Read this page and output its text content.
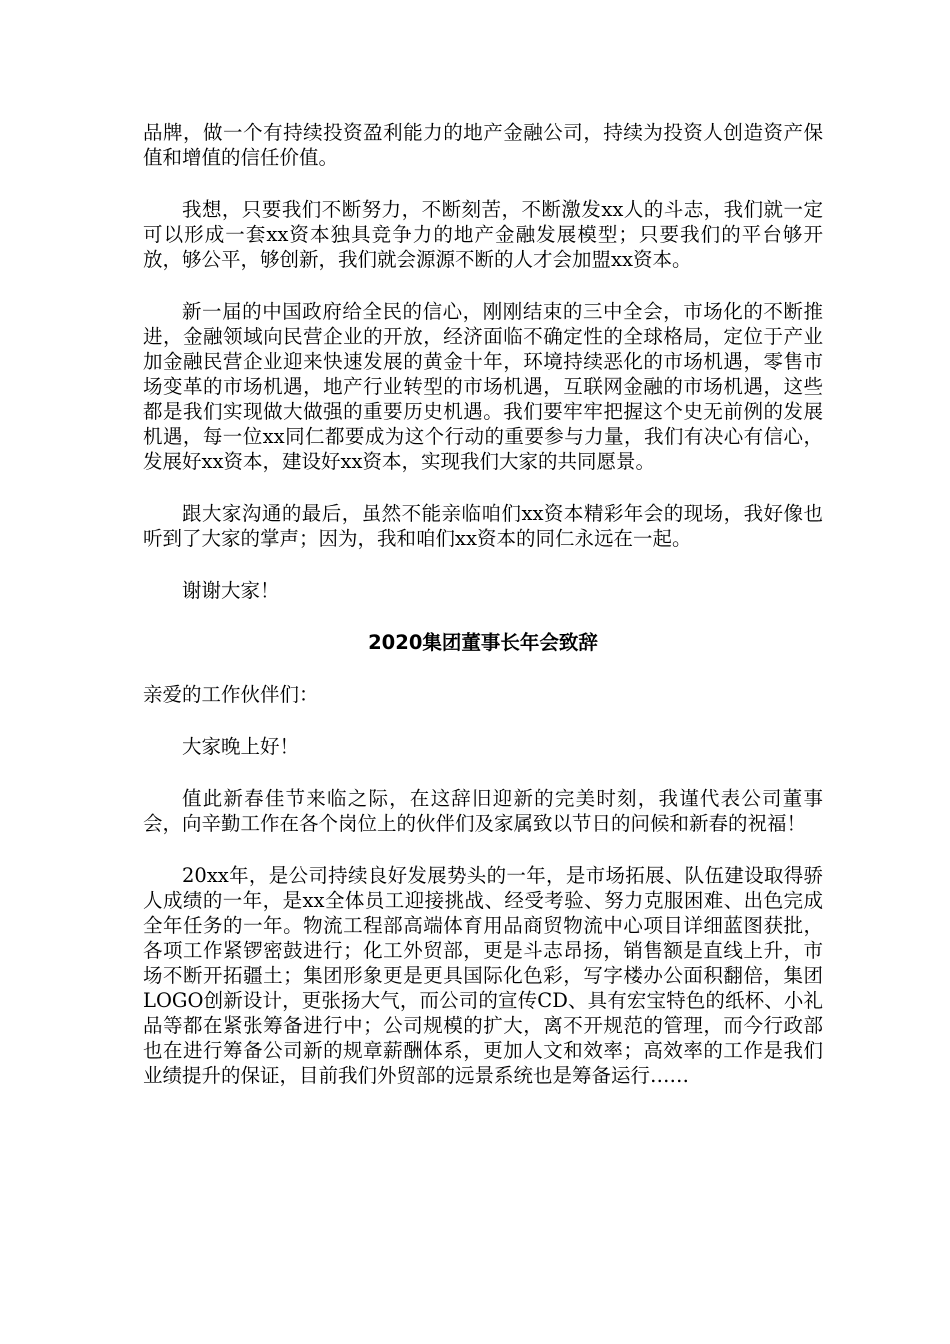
品牌，做一个有持续投资盈利能力的地产金融公司，持续为投资人创造资产保值和增值的信任价值。

我想，只要我们不断努力，不断刻苦，不断激发xx人的斗志，我们就一定可以形成一套xx资本独具竞争力的地产金融发展模型；只要我们的平台够开放，够公平，够创新，我们就会源源不断的人才会加盟xx资本。

新一届的中国政府给全民的信心，刚刚结束的三中全会，市场化的不断推进，金融领域向民营企业的开放，经济面临不确定性的全球格局，定位于产业加金融民营企业迎来快速发展的黄金十年，环境持续恶化的市场机遇，零售市场变革的市场机遇，地产行业转型的市场机遇，互联网金融的市场机遇，这些都是我们实现做大做强的重要历史机遇。我们要牢牢把握这个史无前例的发展机遇，每一位xx同仁都要成为这个行动的重要参与力量，我们有决心有信心，发展好xx资本，建设好xx资本，实现我们大家的共同愿景。

跟大家沟通的最后，虽然不能亲临咱们xx资本精彩年会的现场，我好像也听到了大家的掌声；因为，我和咱们xx资本的同仁永远在一起。

谢谢大家！

2020集团董事长年会致辞

亲爱的工作伙伴们：

大家晚上好！

值此新春佳节来临之际，在这辞旧迎新的完美时刻，我谨代表公司董事会，向辛勤工作在各个岗位上的伙伴们及家属致以节日的问候和新春的祝福！

20xx年，是公司持续良好发展势头的一年，是市场拓展、队伍建设取得骄人成绩的一年，是xx全体员工迎接挑战、经受考验、努力克服困难、出色完成全年任务的一年。物流工程部高端体育用品商贸物流中心项目详细蓝图获批，各项工作紧锣密鼓进行；化工外贸部，更是斗志昂扬，销售额是直线上升，市场不断开拓疆土；集团形象更是更具国际化色彩，写字楼办公面积翻倍，集团LOGO创新设计，更张扬大气，而公司的宣传CD、具有宏宝特色的纸杯、小礼品等都在紧张筹备进行中；公司规模的扩大，离不开规范的管理，而今行政部也在进行筹备公司新的规章薪酬体系，更加人文和效率；高效率的工作是我们业绩提升的保证，目前我们外贸部的远景系统也是筹备运行……
